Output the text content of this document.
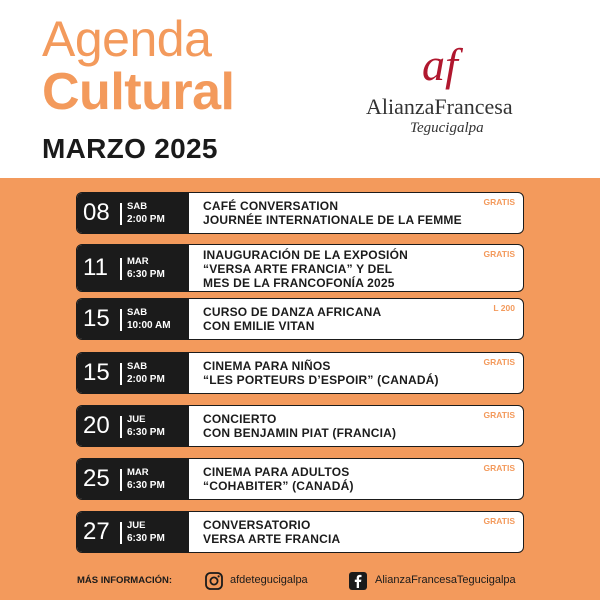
Agenda
Cultural
MARZO 2025
af
AlianzaFrancesa
Tegucigalpa
08 SAB
2:00 PM
CAFÉ CONVERSATION
JOURNÉE INTERNATIONALE DE LA FEMME
GRATIS
11 MAR
6:30 PM
INAUGURACIÓN DE LA EXPOSIÓN
“VERSA ARTE FRANCIA” Y DEL
MES DE LA FRANCOFONÍA 2025
GRATIS
15 SAB
10:00 AM
CURSO DE DANZA AFRICANA
CON EMILIE VITAN
L 200
15 SAB
2:00 PM
CINEMA PARA NIÑOS
“LES PORTEURS D’ESPOIR” (CANADÁ)
GRATIS
20 JUE
6:30 PM
CONCIERTO
CON BENJAMIN PIAT (FRANCIA)
GRATIS
25 MAR
6:30 PM
CINEMA PARA ADULTOS
“COHABITER” (CANADÁ)
GRATIS
27 JUE
6:30 PM
CONVERSATORIO
VERSA ARTE FRANCIA
GRATIS
MÁS INFORMACIÓN:	afdetegucigalpa	AlianzaFrancesaTegucigalpa
